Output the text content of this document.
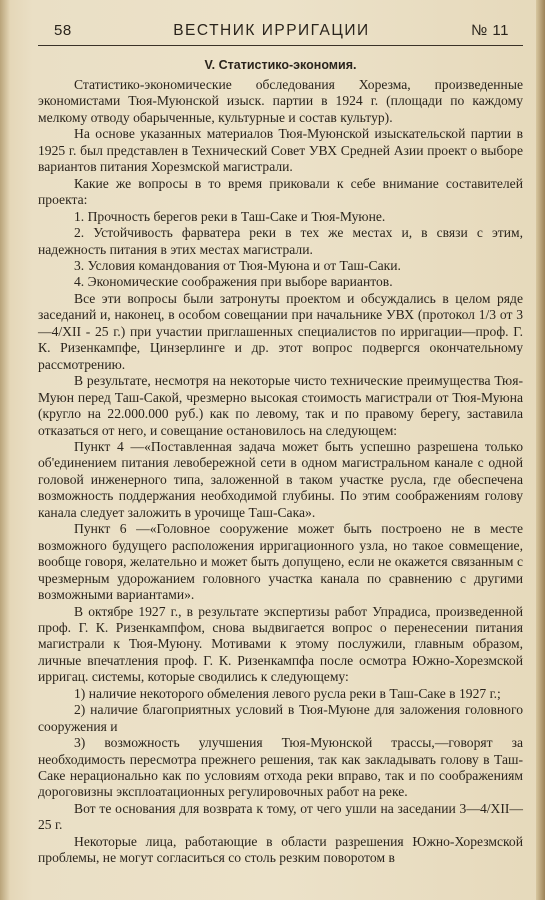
58	ВЕСТНИК ИРРИГАЦИИ	№ 11
V. Статистико-экономия.

Статистико-экономические обследования Хорезма, произведенные экономистами Тюя-Муюнской изыск. партии в 1924 г. (площади по каждому мелкому отводу обарыченные, культурные и состав культур).

На основе указанных материалов Тюя-Муюнской изыскательской партии в 1925 г. был представлен в Технический Совет УВХ Средней Азии проект о выборе вариантов питания Хорезмской магистрали.

Какие же вопросы в то время приковали к себе внимание составителей проекта:

1. Прочность берегов реки в Таш-Саке и Тюя-Муюне.

2. Устойчивость фарватера реки в тех же местах и, в связи с этим, надежность питания в этих местах магистрали.

3. Условия командования от Тюя-Муюна и от Таш-Саки.

4. Экономические соображения при выборе вариантов.

Все эти вопросы были затронуты проектом и обсуждались в целом ряде заседаний и, наконец, в особом совещании при начальнике УВХ (протокол 1/3 от 3—4/XII - 25 г.) при участии приглашенных специалистов по ирригации—проф. Г. К. Ризенкампфе, Цинзерлинге и др. этот вопрос подвергся окончательному рассмотрению.

В результате, несмотря на некоторые чисто технические преимущества Тюя-Муюн перед Таш-Сакой, чрезмерно высокая стоимость магистрали от Тюя-Муюна (кругло на 22.000.000 руб.) как по левому, так и по правому берегу, заставила отказаться от него, и совещание остановилось на следующем:

Пункт 4 —«Поставленная задача может быть успешно разрешена только об'единением питания левобережной сети в одном магистральном канале с одной головой инженерного типа, заложенной в таком участке русла, где обеспечена возможность поддержания необходимой глубины. По этим соображениям голову канала следует заложить в урочище Таш-Сака».

Пункт 6 —«Головное сооружение может быть построено не в месте возможного будущего расположения ирригационного узла, но такое совмещение, вообще говоря, желательно и может быть допущено, если не окажется связанным с чрезмерным удорожанием головного участка канала по сравнению с другими возможными вариантами».

В октябре 1927 г., в результате экспертизы работ Упрадиса, произведенной проф. Г. К. Ризенкампфом, снова выдвигается вопрос о перенесении питания магистрали к Тюя-Муюну. Мотивами к этому послужили, главным образом, личные впечатления проф. Г. К. Ризенкампфа после осмотра Южно-Хорезмской ирригац. системы, которые сводились к следующему:

1) наличие некоторого обмеления левого русла реки в Таш-Саке в 1927 г.;

2) наличие благоприятных условий в Тюя-Муюне для заложения головного сооружения и

3) возможность улучшения Тюя-Муюнской трассы,—говорят за необходимость пересмотра прежнего решения, так как закладывать голову в Таш-Саке нерационально как по условиям отхода реки вправо, так и по соображениям дороговизны эксплоатационных регулировочных работ на реке.

Вот те основания для возврата к тому, от чего ушли на заседании 3—4/XII—25 г.

Некоторые лица, работающие в области разрешения Южно-Хорезмской проблемы, не могут согласиться со столь резким поворотом в
